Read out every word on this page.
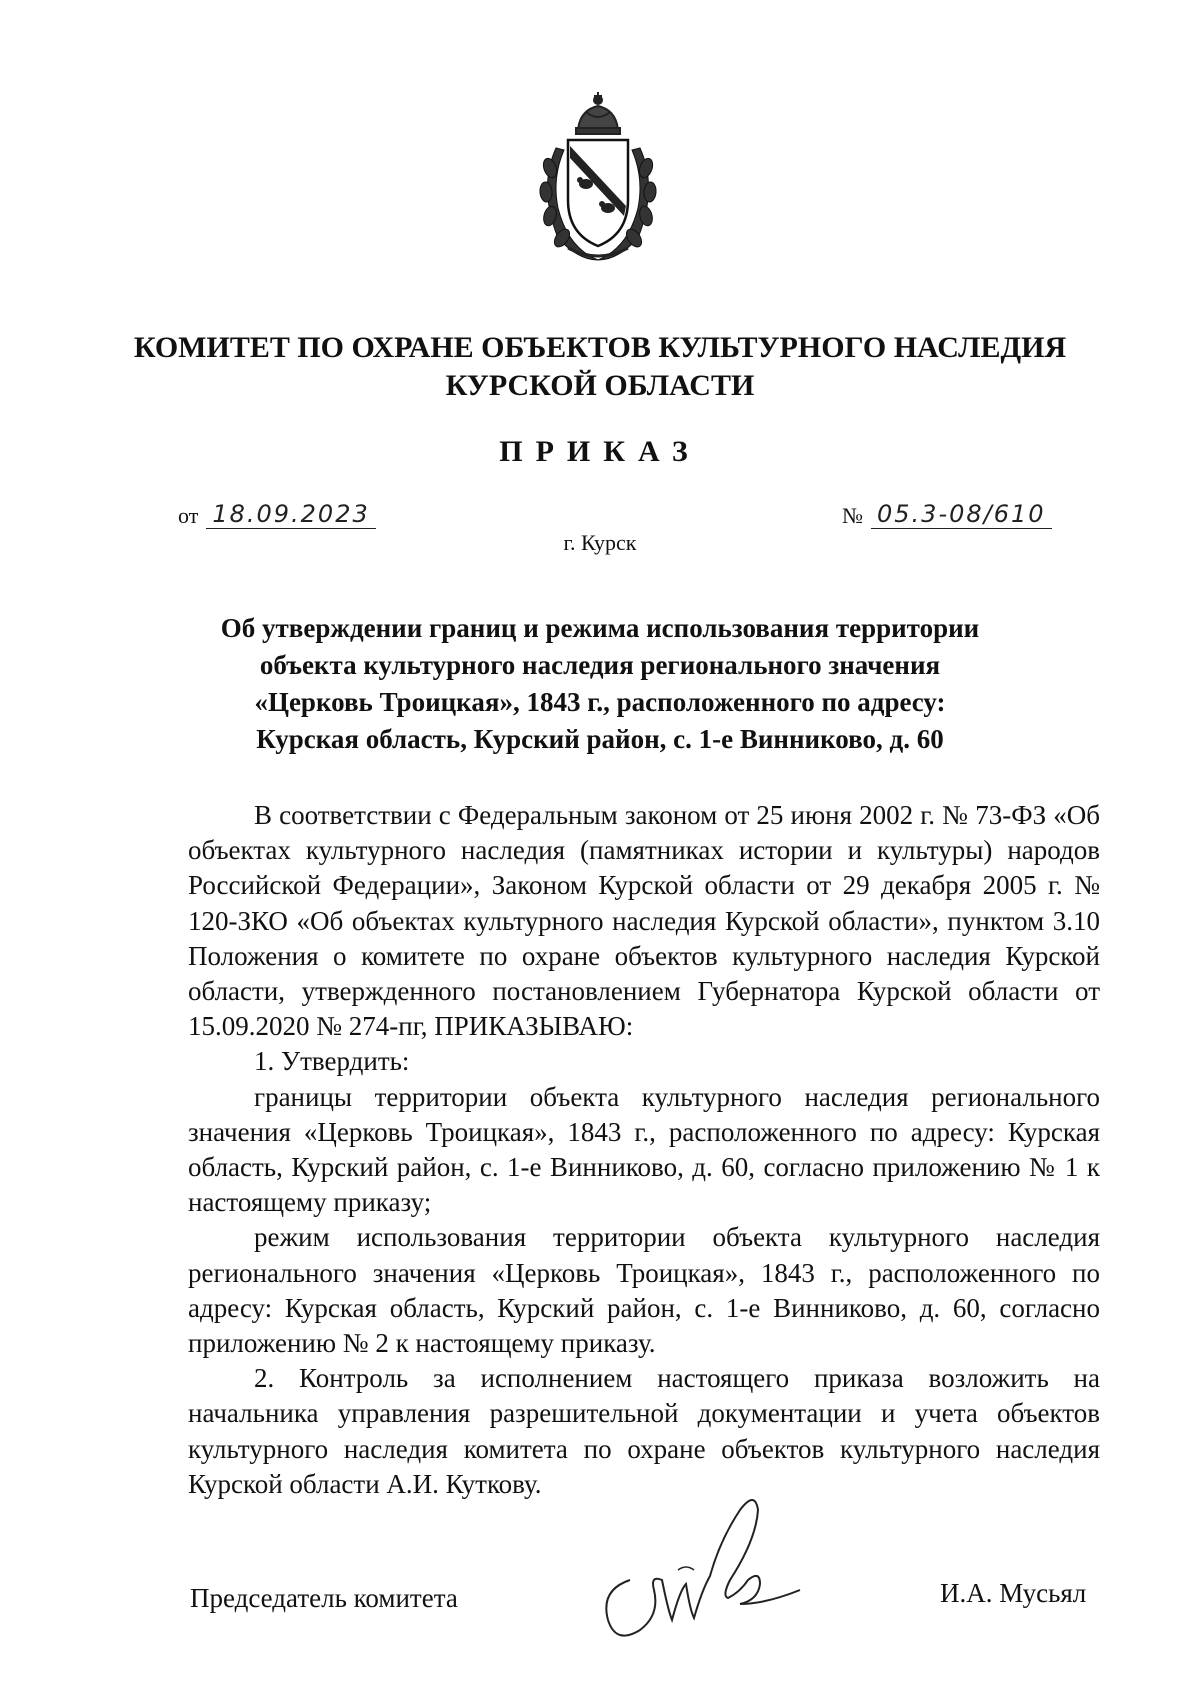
КОМИТЕТ ПО ОХРАНЕ ОБЪЕКТОВ КУЛЬТУРНОГО НАСЛЕДИЯ
КУРСКОЙ ОБЛАСТИ
ПРИКАЗ
от 18.09.2023	№ 05.3-08/610
г. Курск
Об утверждении границ и режима использования территории
объекта культурного наследия регионального значения
«Церковь Троицкая», 1843 г., расположенного по адресу:
Курская область, Курский район, с. 1-е Винниково, д. 60

В соответствии с Федеральным законом от 25 июня 2002 г. № 73-ФЗ «Об объектах культурного наследия (памятниках истории и культуры) народов Российской Федерации», Законом Курской области от 29 декабря 2005 г. № 120-ЗКО «Об объектах культурного наследия Курской области», пунктом 3.10 Положения о комитете по охране объектов культурного наследия Курской области, утвержденного постановлением Губернатора Курской области от 15.09.2020 № 274-пг, ПРИКАЗЫВАЮ:

1. Утвердить:

границы территории объекта культурного наследия регионального значения «Церковь Троицкая», 1843 г., расположенного по адресу: Курская область, Курский район, с. 1-е Винниково, д. 60, согласно приложению № 1 к настоящему приказу;

режим использования территории объекта культурного наследия регионального значения «Церковь Троицкая», 1843 г., расположенного по адресу: Курская область, Курский район, с. 1-е Винниково, д. 60, согласно приложению № 2 к настоящему приказу.

2. Контроль за исполнением настоящего приказа возложить на начальника управления разрешительной документации и учета объектов культурного наследия комитета по охране объектов культурного наследия Курской области А.И. Куткову.

Председатель комитета	И.А. Мусьял
